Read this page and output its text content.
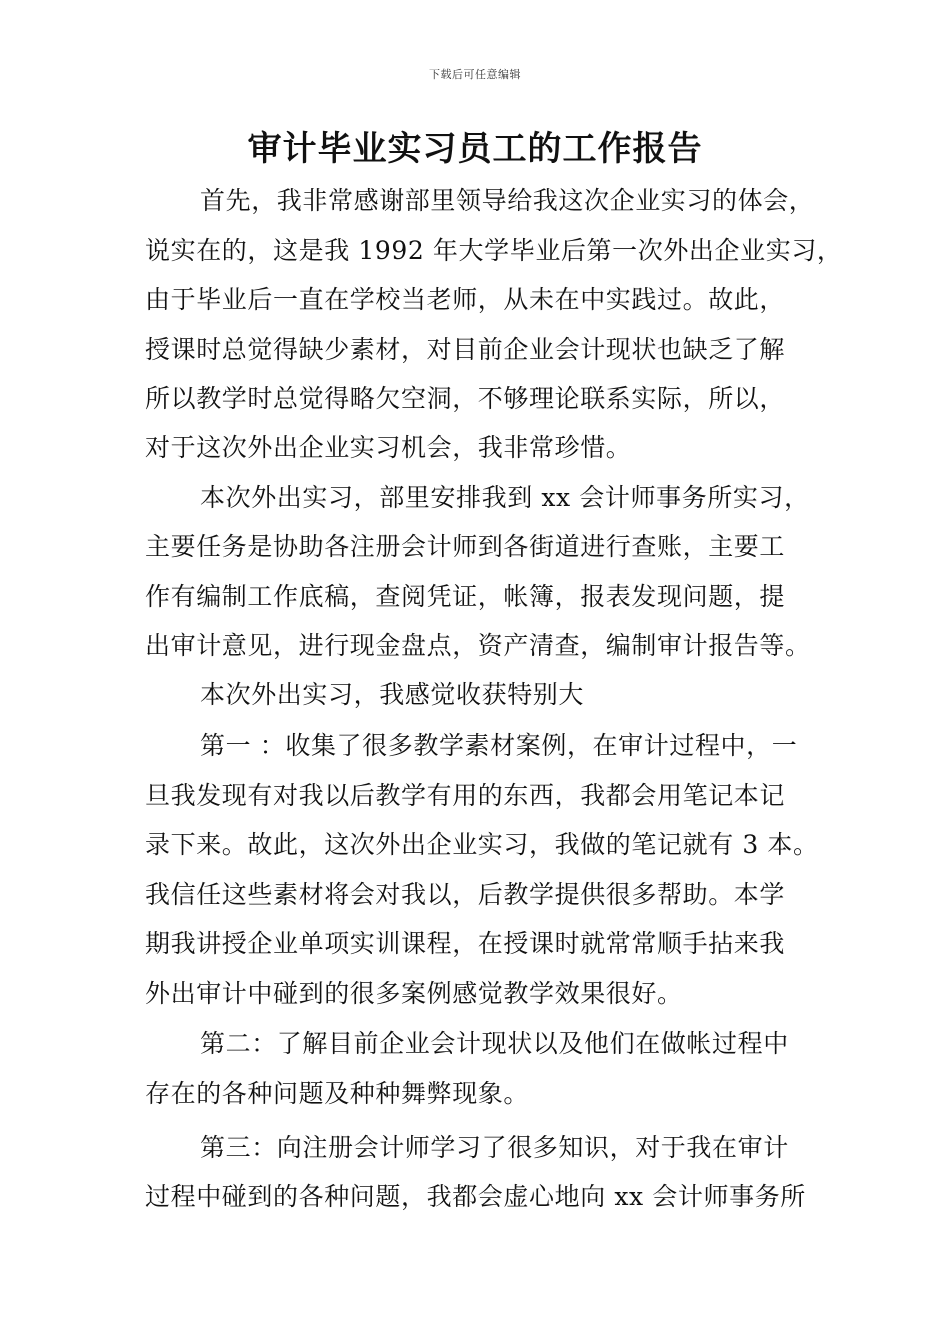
下载后可任意编辑
审计毕业实习员工的工作报告
首先，我非常感谢部里领导给我这次企业实习的体会，
说实在的，这是我 1992 年大学毕业后第一次外出企业实习，
由于毕业后一直在学校当老师，从未在中实践过。故此，
授课时总觉得缺少素材，对目前企业会计现状也缺乏了解
所以教学时总觉得略欠空洞，不够理论联系实际，所以，
对于这次外出企业实习机会，我非常珍惜。
本次外出实习，部里安排我到 xx 会计师事务所实习，
主要任务是协助各注册会计师到各街道进行查账，主要工
作有编制工作底稿，查阅凭证，帐簿，报表发现问题，提
出审计意见，进行现金盘点，资产清查，编制审计报告等。
本次外出实习，我感觉收获特别大
第一 ：收集了很多教学素材案例，在审计过程中，一
旦我发现有对我以后教学有用的东西，我都会用笔记本记
录下来。故此，这次外出企业实习，我做的笔记就有 3 本。
我信任这些素材将会对我以，后教学提供很多帮助。本学
期我讲授企业单项实训课程，在授课时就常常顺手拈来我
外出审计中碰到的很多案例感觉教学效果很好。
第二：了解目前企业会计现状以及他们在做帐过程中
存在的各种问题及种种舞弊现象。
第三：向注册会计师学习了很多知识，对于我在审计
过程中碰到的各种问题，我都会虚心地向 xx 会计师事务所
